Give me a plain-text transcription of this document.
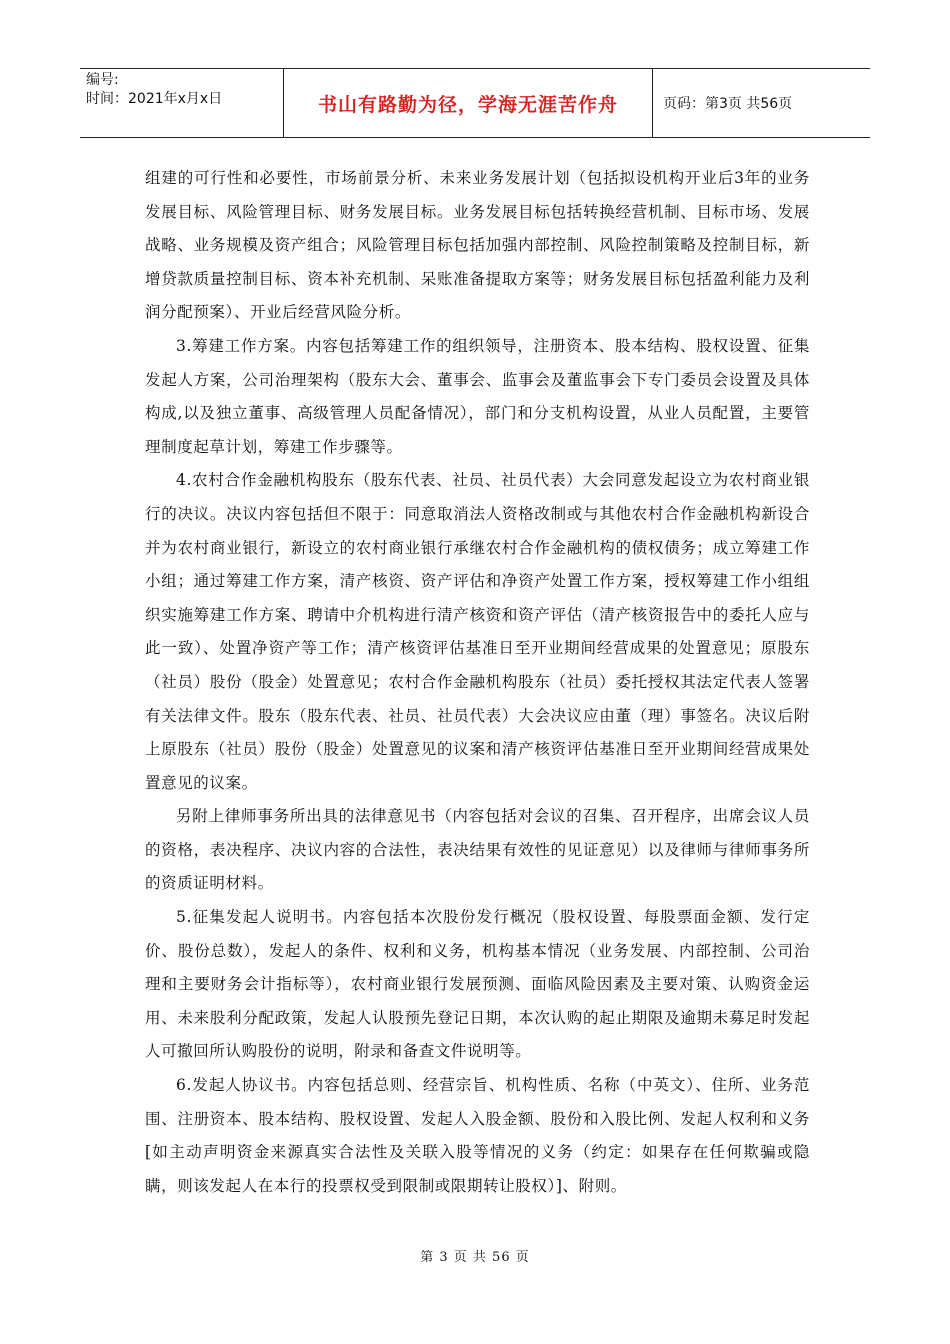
编号:
时间：2021年x月x日	书山有路勤为径，学海无涯苦作舟	页码：第3页 共56页

组建的可行性和必要性，市场前景分析、未来业务发展计划（包括拟设机构开业后3年的业务发展目标、风险管理目标、财务发展目标。业务发展目标包括转换经营机制、目标市场、发展战略、业务规模及资产组合；风险管理目标包括加强内部控制、风险控制策略及控制目标，新增贷款质量控制目标、资本补充机制、呆账准备提取方案等；财务发展目标包括盈利能力及利润分配预案）、开业后经营风险分析。

3.筹建工作方案。内容包括筹建工作的组织领导，注册资本、股本结构、股权设置、征集发起人方案，公司治理架构（股东大会、董事会、监事会及董监事会下专门委员会设置及具体构成,以及独立董事、高级管理人员配备情况），部门和分支机构设置，从业人员配置，主要管理制度起草计划，筹建工作步骤等。

4.农村合作金融机构股东（股东代表、社员、社员代表）大会同意发起设立为农村商业银行的决议。决议内容包括但不限于：同意取消法人资格改制或与其他农村合作金融机构新设合并为农村商业银行，新设立的农村商业银行承继农村合作金融机构的债权债务；成立筹建工作小组；通过筹建工作方案，清产核资、资产评估和净资产处置工作方案，授权筹建工作小组组织实施筹建工作方案、聘请中介机构进行清产核资和资产评估（清产核资报告中的委托人应与此一致）、处置净资产等工作；清产核资评估基准日至开业期间经营成果的处置意见；原股东（社员）股份（股金）处置意见；农村合作金融机构股东（社员）委托授权其法定代表人签署有关法律文件。股东（股东代表、社员、社员代表）大会决议应由董（理）事签名。决议后附上原股东（社员）股份（股金）处置意见的议案和清产核资评估基准日至开业期间经营成果处置意见的议案。

另附上律师事务所出具的法律意见书（内容包括对会议的召集、召开程序，出席会议人员的资格，表决程序、决议内容的合法性，表决结果有效性的见证意见）以及律师与律师事务所的资质证明材料。

5.征集发起人说明书。内容包括本次股份发行概况（股权设置、每股票面金额、发行定价、股份总数），发起人的条件、权利和义务，机构基本情况（业务发展、内部控制、公司治理和主要财务会计指标等），农村商业银行发展预测、面临风险因素及主要对策、认购资金运用、未来股利分配政策，发起人认股预先登记日期，本次认购的起止期限及逾期未募足时发起人可撤回所认购股份的说明，附录和备查文件说明等。

6.发起人协议书。内容包括总则、经营宗旨、机构性质、名称（中英文）、住所、业务范围、注册资本、股本结构、股权设置、发起人入股金额、股份和入股比例、发起人权利和义务[如主动声明资金来源真实合法性及关联入股等情况的义务（约定：如果存在任何欺骗或隐瞒，则该发起人在本行的投票权受到限制或限期转让股权）]、附则。

第 3 页 共 56 页
